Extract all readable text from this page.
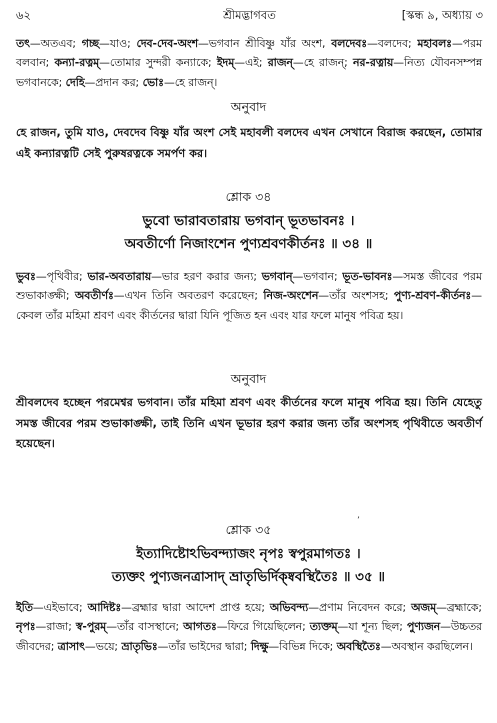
৬২	শ্রীমদ্ভাগবত	[স্কন্ধ ৯, অধ্যায় ৩
তৎ—অতএব; গচ্ছ—যাও; দেব-দেব-অংশ—ভগবান শ্রীবিষ্ণু যাঁর অংশ, বলদেবঃ—বলদেব; মহাবলঃ—পরম বলবান; কন্যা-রত্নম্—তোমার সুন্দরী কন্যাকে; ইদম্—এই; রাজন্—হে রাজন্; নর-রত্নায়—নিত্য যৌবনসম্পন্ন ভগবানকে; দেহি—প্রদান কর; ভোঃ—হে রাজন্।
অনুবাদ
হে রাজন, তুমি যাও, দেবদেব বিষ্ণু যাঁর অংশ সেই মহাবলী বলদেব এখন সেখানে বিরাজ করছেন, তোমার এই কন্যারত্নটি সেই পুরুষরত্নকে সমর্পণ কর।
শ্লোক ৩৪
ভুবো ভারাবতারায় ভগবান্ ভূতভাবনঃ ।
অবতীর্ণো নিজাংশেন পুণ্যশ্রবণকীর্তনঃ ॥ ৩৪ ॥
ভুবঃ—পৃথিবীর; ভার-অবতারায়—ভার হরণ করার জন্য; ভগবান্—ভগবান; ভূত-ভাবনঃ—সমস্ত জীবের পরম শুভাকাঙ্ক্ষী; অবতীর্ণঃ—এখন তিনি অবতরণ করেছেন; নিজ-অংশেন—তাঁর অংশসহ; পুণ্য-শ্রবণ-কীর্তনঃ—কেবল তাঁর মহিমা শ্রবণ এবং কীর্তনের দ্বারা যিনি পূজিত হন এবং যার ফলে মানুষ পবিত্র হয়।
অনুবাদ
শ্রীবলদেব হচ্ছেন পরমেশ্বর ভগবান। তাঁর মহিমা শ্রবণ এবং কীর্তনের ফলে মানুষ পবিত্র হয়। তিনি যেহেতু সমস্ত জীবের পরম শুভাকাঙ্ক্ষী, তাই তিনি এখন ভূভার হরণ করার জন্য তাঁর অংশসহ পৃথিবীতে অবতীর্ণ হয়েছেন।
ʼ
শ্লোক ৩৫
ইত্যাদিষ্টোঽভিবন্দ্যাজং নৃপঃ স্বপুরমাগতঃ ।
ত্যক্তং পুণ্যজনত্রাসাদ্ ভ্রাতৃভির্দিক্ষ্ববস্থিতৈঃ ॥ ৩৫ ॥
ইতি—এইভাবে; আদিষ্টঃ—ব্রহ্মার দ্বারা আদেশ প্রাপ্ত হয়ে; অভিবন্দ্য—প্রণাম নিবেদন করে; অজম্—ব্রহ্মাকে; নৃপঃ—রাজা; স্ব-পুরম্—তাঁর বাসস্থানে; আগতঃ—ফিরে গিয়েছিলেন; ত্যক্তম্—যা শূন্য ছিল; পুণ্যজন—উচ্চতর জীবদের; ত্রাসাৎ—ভয়ে; ভ্রাতৃভিঃ—তাঁর ভাইদের দ্বারা; দিক্ষু—বিভিন্ন দিকে; অবস্থিতৈঃ—অবস্থান করছিলেন।
